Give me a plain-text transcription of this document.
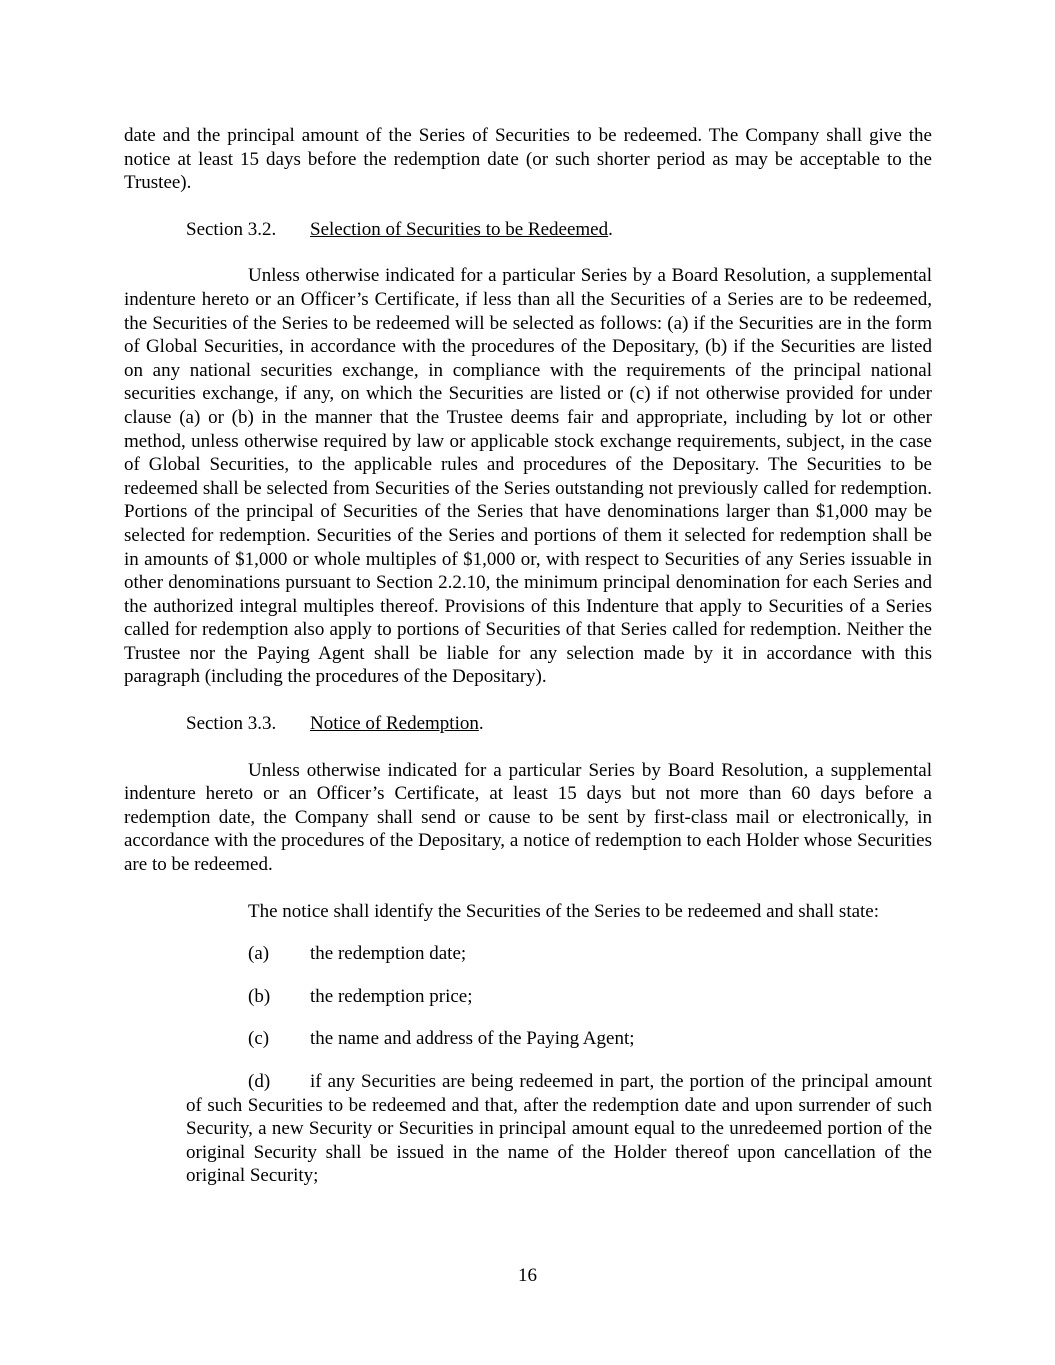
date and the principal amount of the Series of Securities to be redeemed. The Company shall give the notice at least 15 days before the redemption date (or such shorter period as may be acceptable to the Trustee).

Section 3.2. Selection of Securities to be Redeemed.

Unless otherwise indicated for a particular Series by a Board Resolution, a supplemental indenture hereto or an Officer’s Certificate, if less than all the Securities of a Series are to be redeemed, the Securities of the Series to be redeemed will be selected as follows: (a) if the Securities are in the form of Global Securities, in accordance with the procedures of the Depositary, (b) if the Securities are listed on any national securities exchange, in compliance with the requirements of the principal national securities exchange, if any, on which the Securities are listed or (c) if not otherwise provided for under clause (a) or (b) in the manner that the Trustee deems fair and appropriate, including by lot or other method, unless otherwise required by law or applicable stock exchange requirements, subject, in the case of Global Securities, to the applicable rules and procedures of the Depositary. The Securities to be redeemed shall be selected from Securities of the Series outstanding not previously called for redemption. Portions of the principal of Securities of the Series that have denominations larger than $1,000 may be selected for redemption. Securities of the Series and portions of them it selected for redemption shall be in amounts of $1,000 or whole multiples of $1,000 or, with respect to Securities of any Series issuable in other denominations pursuant to Section 2.2.10, the minimum principal denomination for each Series and the authorized integral multiples thereof. Provisions of this Indenture that apply to Securities of a Series called for redemption also apply to portions of Securities of that Series called for redemption. Neither the Trustee nor the Paying Agent shall be liable for any selection made by it in accordance with this paragraph (including the procedures of the Depositary).

Section 3.3. Notice of Redemption.

Unless otherwise indicated for a particular Series by Board Resolution, a supplemental indenture hereto or an Officer’s Certificate, at least 15 days but not more than 60 days before a redemption date, the Company shall send or cause to be sent by first-class mail or electronically, in accordance with the procedures of the Depositary, a notice of redemption to each Holder whose Securities are to be redeemed.

The notice shall identify the Securities of the Series to be redeemed and shall state:

(a) the redemption date;

(b) the redemption price;

(c) the name and address of the Paying Agent;

(d) if any Securities are being redeemed in part, the portion of the principal amount of such Securities to be redeemed and that, after the redemption date and upon surrender of such Security, a new Security or Securities in principal amount equal to the unredeemed portion of the original Security shall be issued in the name of the Holder thereof upon cancellation of the original Security;

16
